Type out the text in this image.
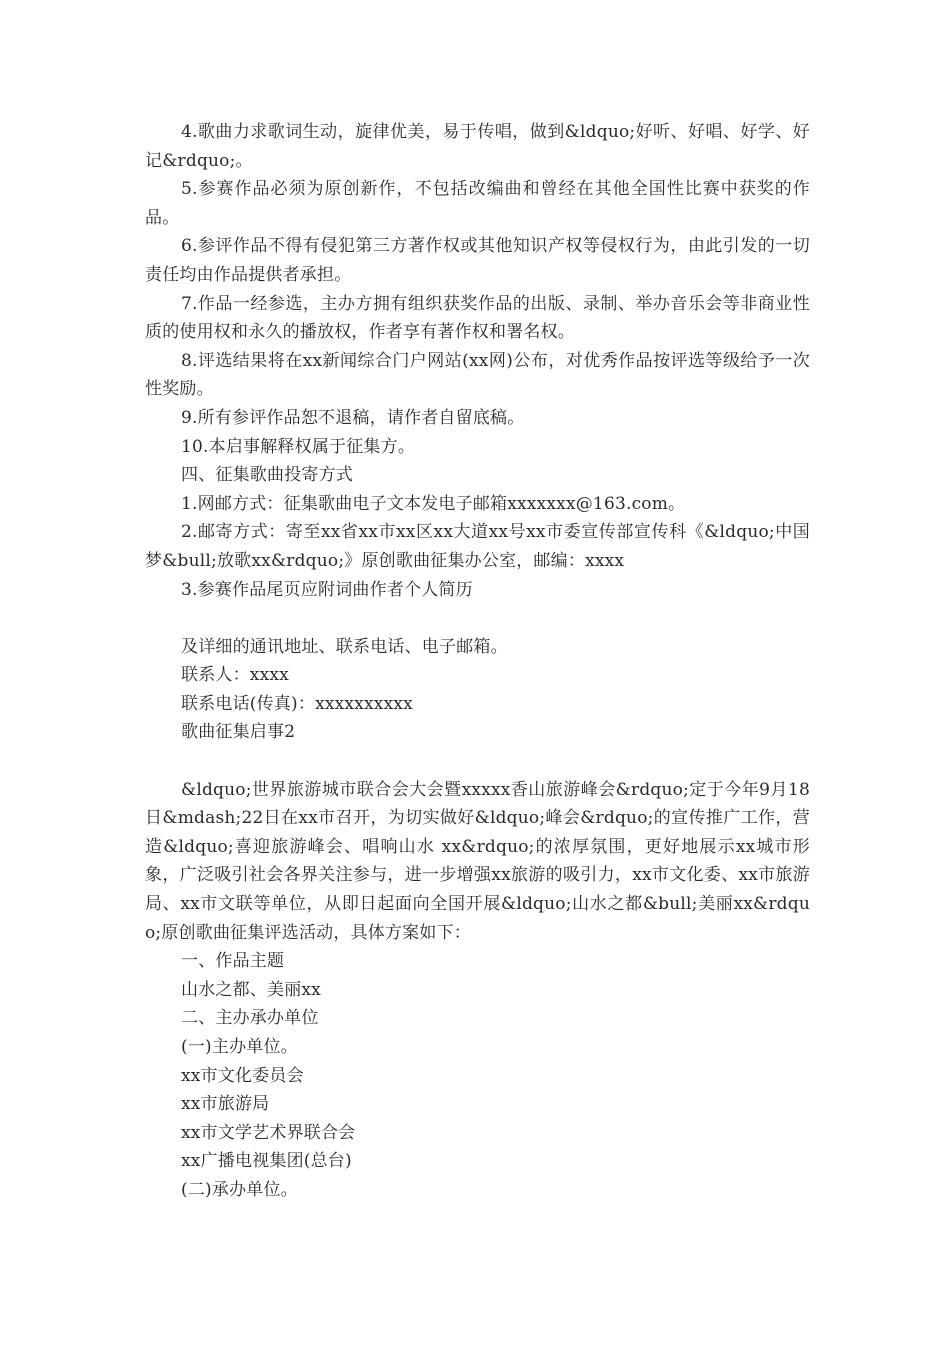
4.歌曲力求歌词生动，旋律优美，易于传唱，做到&ldquo;好听、好唱、好学、好记&rdquo;。

5.参赛作品必须为原创新作，不包括改编曲和曾经在其他全国性比赛中获奖的作品。

6.参评作品不得有侵犯第三方著作权或其他知识产权等侵权行为，由此引发的一切责任均由作品提供者承担。

7.作品一经参选，主办方拥有组织获奖作品的出版、录制、举办音乐会等非商业性质的使用权和永久的播放权，作者享有著作权和署名权。

8.评选结果将在xx新闻综合门户网站(xx网)公布，对优秀作品按评选等级给予一次性奖励。

9.所有参评作品恕不退稿，请作者自留底稿。

10.本启事解释权属于征集方。

四、征集歌曲投寄方式

1.网邮方式：征集歌曲电子文本发电子邮箱xxxxxxx@163.com。

2.邮寄方式：寄至xx省xx市xx区xx大道xx号xx市委宣传部宣传科《&ldquo;中国梦&bull;放歌xx&rdquo;》原创歌曲征集办公室，邮编：xxxx

3.参赛作品尾页应附词曲作者个人简历

及详细的通讯地址、联系电话、电子邮箱。

联系人：xxxx

联系电话(传真)：xxxxxxxxxx

歌曲征集启事2

&ldquo;世界旅游城市联合会大会暨xxxxx香山旅游峰会&rdquo;定于今年9月18日&mdash;22日在xx市召开，为切实做好&ldquo;峰会&rdquo;的宣传推广工作，营造&ldquo;喜迎旅游峰会、唱响山水 xx&rdquo;的浓厚氛围，更好地展示xx城市形象，广泛吸引社会各界关注参与，进一步增强xx旅游的吸引力，xx市文化委、xx市旅游局、xx市文联等单位，从即日起面向全国开展&ldquo;山水之都&bull;美丽xx&rdquo;原创歌曲征集评选活动，具体方案如下：

一、作品主题

山水之都、美丽xx

二、主办承办单位

(一)主办单位。

xx市文化委员会

xx市旅游局

xx市文学艺术界联合会

xx广播电视集团(总台)

(二)承办单位。
